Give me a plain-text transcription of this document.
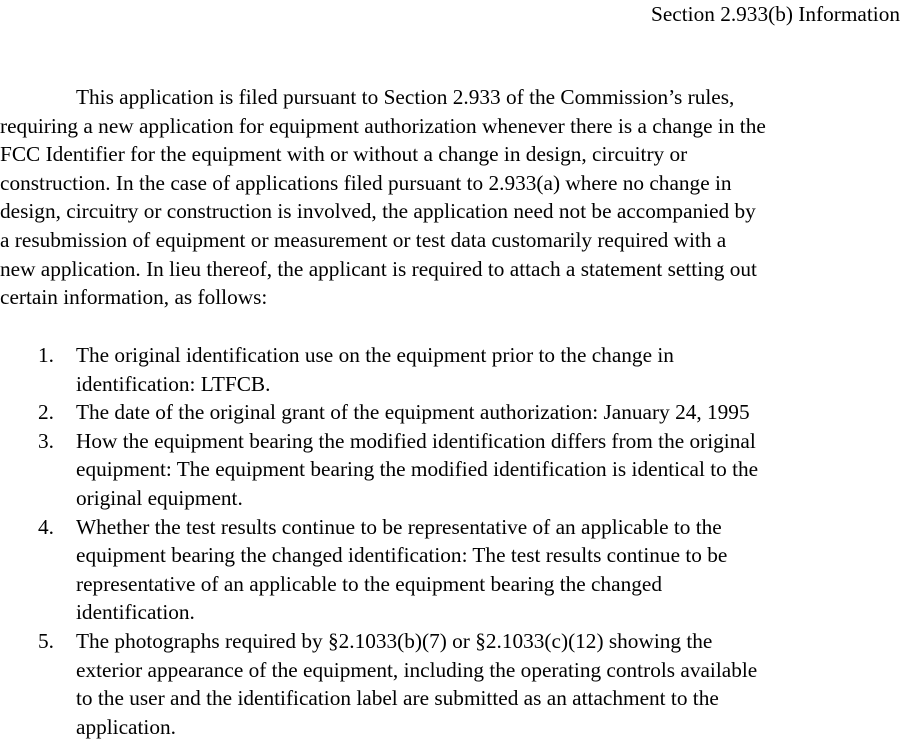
Section 2.933(b) Information

This application is filed pursuant to Section 2.933 of the Commission’s rules,
requiring a new application for equipment authorization whenever there is a change in the
FCC Identifier for the equipment with or without a change in design, circuitry or
construction. In the case of applications filed pursuant to 2.933(a) where no change in
design, circuitry or construction is involved, the application need not be accompanied by
a resubmission of equipment or measurement or test data customarily required with a
new application. In lieu thereof, the applicant is required to attach a statement setting out
certain information, as follows:

1. The original identification use on the equipment prior to the change in
identification: LTFCB.
2. The date of the original grant of the equipment authorization: January 24, 1995
3. How the equipment bearing the modified identification differs from the original
equipment: The equipment bearing the modified identification is identical to the
original equipment.
4. Whether the test results continue to be representative of an applicable to the
equipment bearing the changed identification: The test results continue to be
representative of an applicable to the equipment bearing the changed
identification.
5. The photographs required by §2.1033(b)(7) or §2.1033(c)(12) showing the
exterior appearance of the equipment, including the operating controls available
to the user and the identification label are submitted as an attachment to the
application.
